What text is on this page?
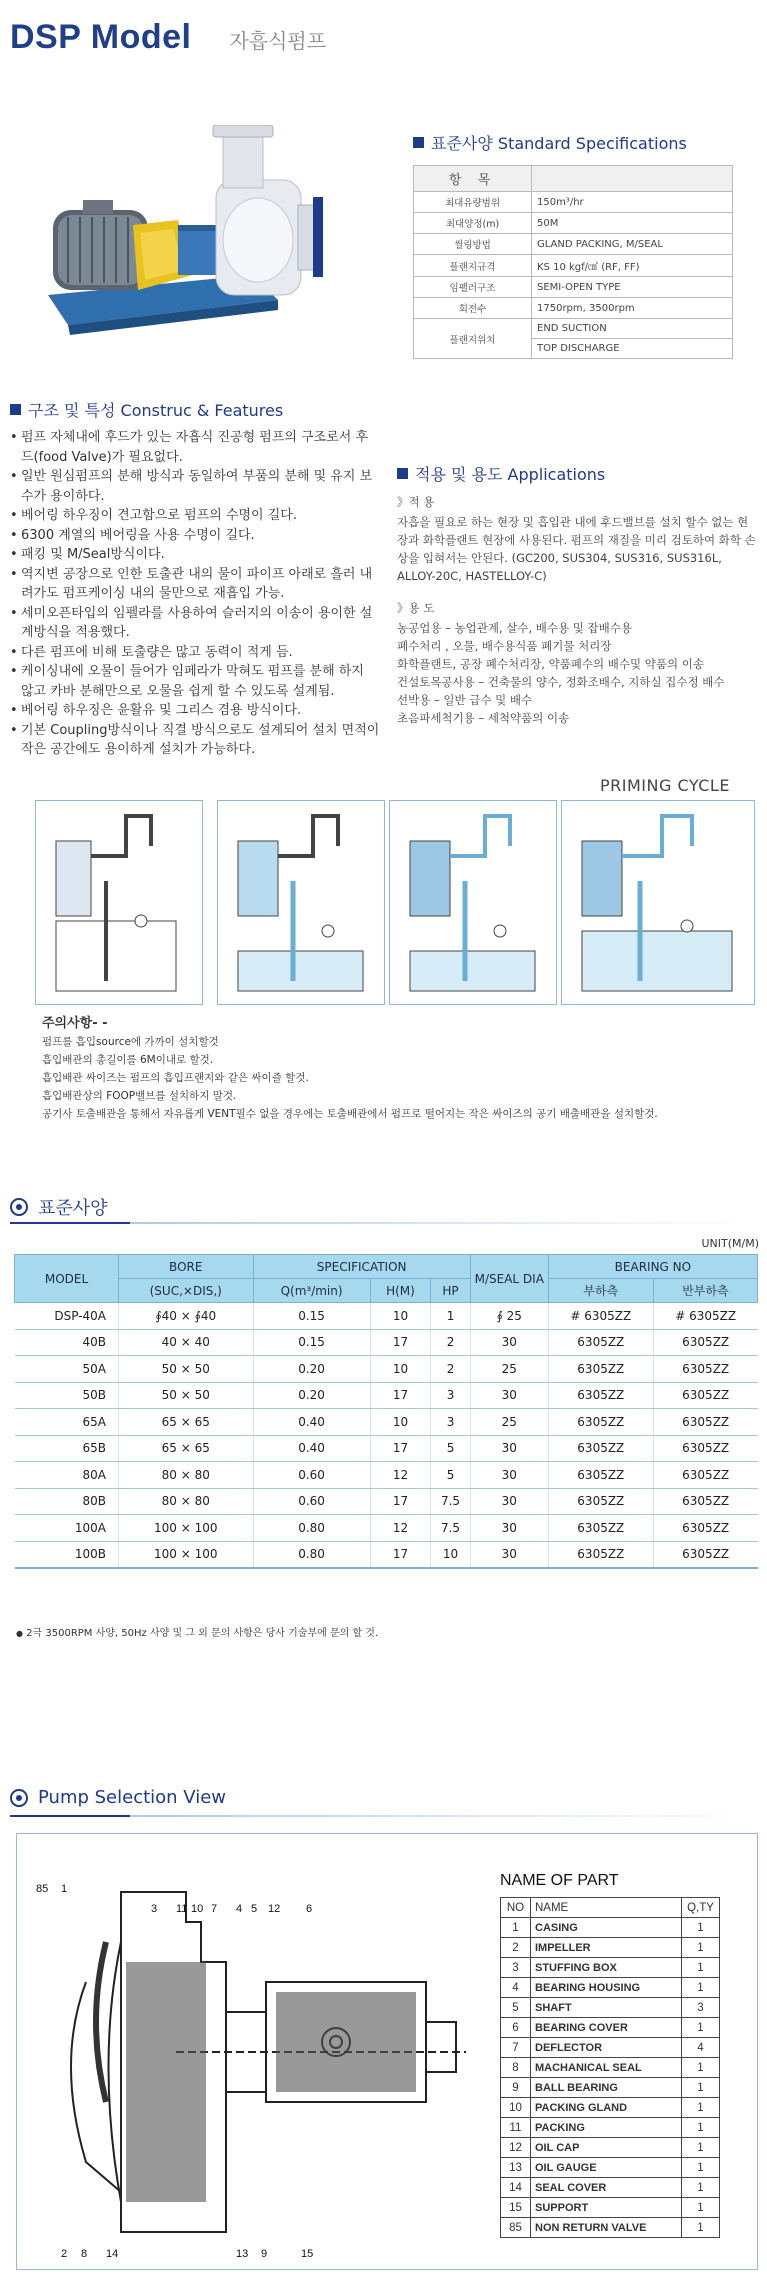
DSP Model 자흡식펌프
표준사양 Standard Specifications
항 목	
최대유량범위	150m³/hr
최대양정(m)	50M
씰링방법	GLAND PACKING, M/SEAL
플랜지규격	KS 10 kgf/㎠ (RF, FF)
임펠러구조	SEMI-OPEN TYPE
회전수	1750rpm, 3500rpm
플랜지위치	END SUCTION
	TOP DISCHARGE
구조 및 특성 Construc & Features
• 펌프 자체내에 후드가 있는 자흡식 진공형 펌프의 구조로서 후드(food Valve)가 필요없다.
• 일반 원심펌프의 분해 방식과 동일하여 부품의 분해 및 유지 보수가 용이하다.
• 베어링 하우징이 견고함으로 펌프의 수명이 길다.
• 6300 계열의 베어링을 사용 수명이 길다.
• 패킹 및 M/Seal방식이다.
• 역지변 공장으로 인한 토출관 내의 물이 파이프 아래로 흘러 내려가도 펌프케이싱 내의 물만으로 재흡입 가능.
• 세미오픈타입의 임펠라를 사용하여 슬러지의 이송이 용이한 설계방식을 적용했다.
• 다른 펌프에 비해 토출량은 많고 동력이 적게 듬.
• 케이싱내에 오물이 들어가 임페라가 막혀도 펌프를 분해 하지 않고 카바 분해만으로 오물을 쉽게 할 수 있도록 설계됨.
• 베어링 하우징은 윤활유 및 그리스 겸용 방식이다.
• 기본 Coupling방식이나 직결 방식으로도 설계되어 설치 면적이 작은 공간에도 용이하게 설치가 가능하다.
적용 및 용도 Applications
》적 용
자흡을 필요로 하는 현장 및 흡입관 내에 후드밸브를 설치 할수 없는 현장과 화학플랜트 현장에 사용된다. 펌프의 재질을 미리 검토하여 화학 손상을 입혀서는 안된다. (GC200, SUS304, SUS316, SUS316L, ALLOY-20C, HASTELLOY-C)
》용 도
농공업용 – 농업관계, 살수, 배수용 및 잡배수용
폐수처리 , 오물, 배수용식품 폐기물 처리장
화학플랜트, 공장 폐수처리장, 약품폐수의 배수및 약품의 이송
건설토목공사용 – 건축물의 양수, 정화조배수, 지하실 집수정 배수
선박용 – 일반 급수 및 배수
초음파세척기용 – 세척약품의 이송
PRIMING CYCLE
주의사항- -
펌프를 흡입source에 가까이 설치할것
흡입배관의 총길이를 6M이내로 할것.
흡입배관 싸이즈는 펌프의 흡입프랜지와 같은 싸이즐 할것.
흡입배관상의 FOOP밸브를 설치하지 말것.
공기사 토출배관을 통해서 자유롭게 VENT필수 없을 경우에는 토출배관에서 펌프로 떨어지는 작은 싸이즈의 공기 배출배관을 설치할것.
표준사양
UNIT(M/M)
MODEL	BORE	SPECIFICATION			M/SEAL DIA	BEARING NO	
	(SUC,×DIS,)	Q(m³/min)	H(M)	HP		부하측	반부하측
DSP-40A	∮40 × ∮40	0.15	10	1	∮ 25	# 6305ZZ	# 6305ZZ
40B	40 × 40	0.15	17	2	30	6305ZZ	6305ZZ
50A	50 × 50	0.20	10	2	25	6305ZZ	6305ZZ
50B	50 × 50	0.20	17	3	30	6305ZZ	6305ZZ
65A	65 × 65	0.40	10	3	25	6305ZZ	6305ZZ
65B	65 × 65	0.40	17	5	30	6305ZZ	6305ZZ
80A	80 × 80	0.60	12	5	30	6305ZZ	6305ZZ
80B	80 × 80	0.60	17	7.5	30	6305ZZ	6305ZZ
100A	100 × 100	0.80	12	7.5	30	6305ZZ	6305ZZ
100B	100 × 100	0.80	17	10	30	6305ZZ	6305ZZ
● 2극 3500RPM 사양, 50Hz 사양 및 그 외 문의 사항은 당사 기술부에 문의 할 것.
Pump Selection View
85 1
3 11 10 7 4 5 12 6
2 8 14	13 9	15
NAME OF PART
NO	NAME	Q,TY
1	CASING	1
2	IMPELLER	1
3	STUFFING BOX	1
4	BEARING HOUSING	1
5	SHAFT	3
6	BEARING COVER	1
7	DEFLECTOR	4
8	MACHANICAL SEAL	1
9	BALL BEARING	1
10	PACKING GLAND	1
11	PACKING	1
12	OIL CAP	1
13	OIL GAUGE	1
14	SEAL COVER	1
15	SUPPORT	1
85	NON RETURN VALVE	1
